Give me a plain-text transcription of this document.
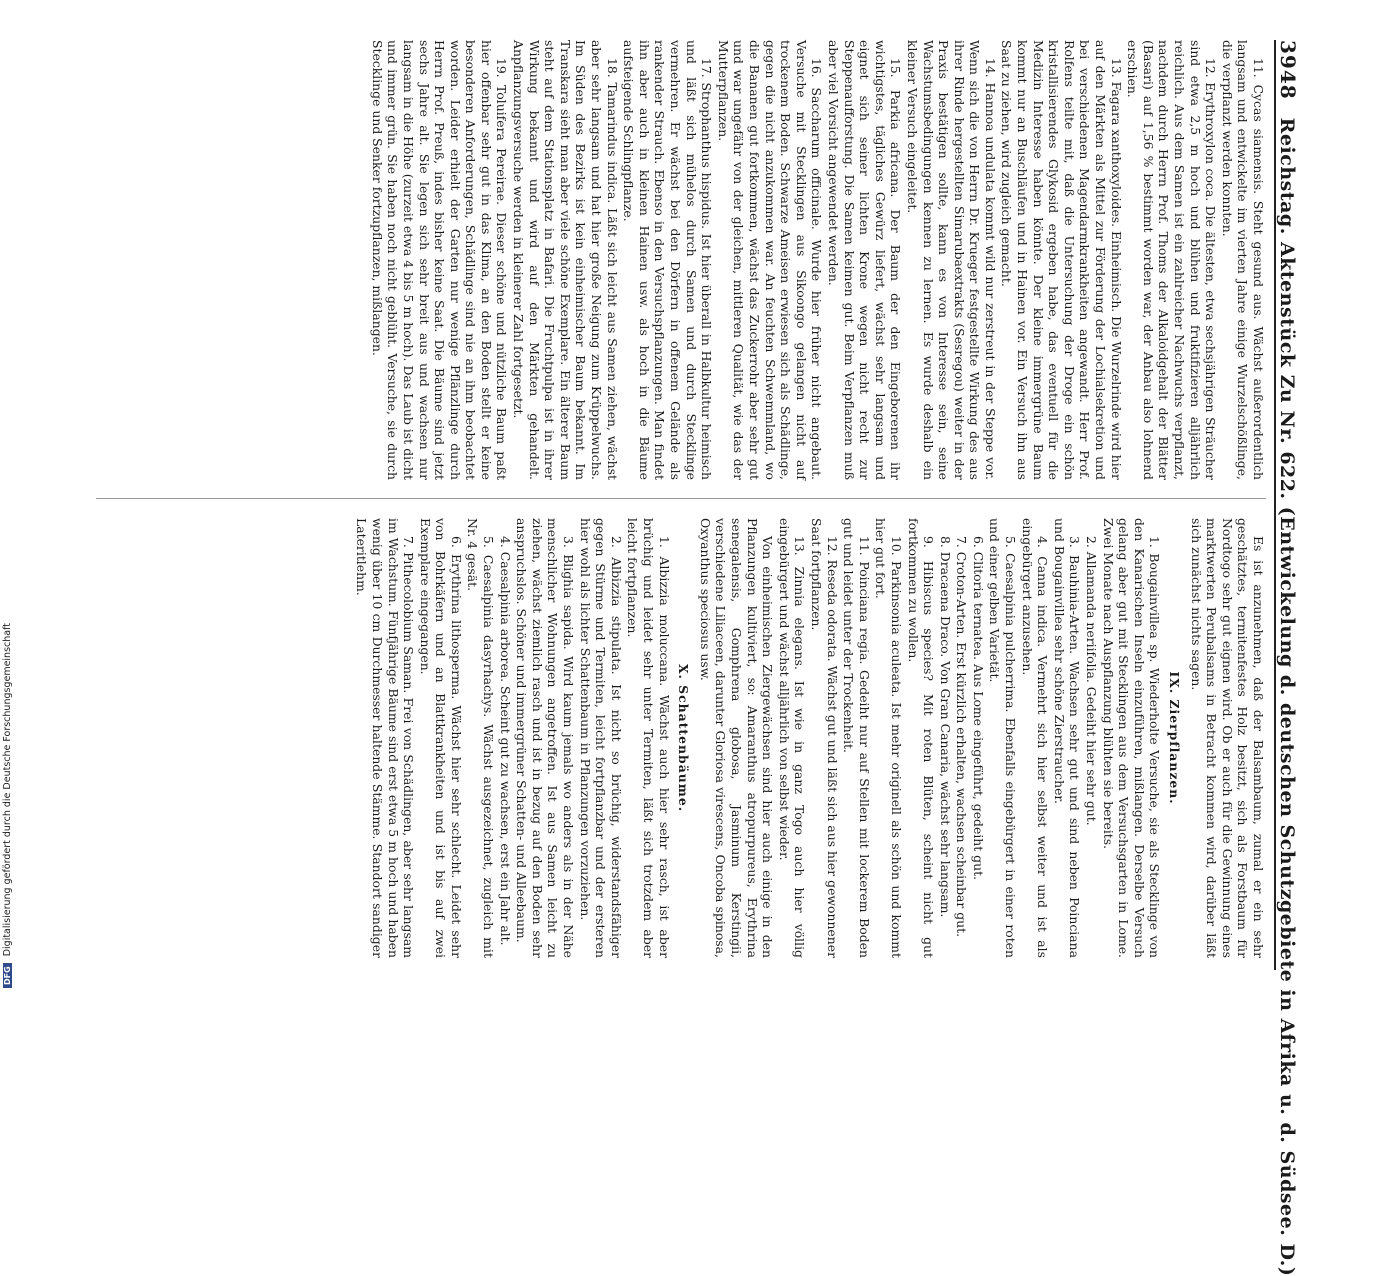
DFG Digitalisierung gefördert durch die Deutsche Forschungsgemeinschaft
3948
Reichstag. Aktenstück Zu Nr. 622. (Entwickelung d. deutschen Schutzgebiete in Afrika u. d. Südsee. D.)

11. Cycas siamensis. Steht gesund aus. Wächst außerordentlich langsam und entwickelte im vierten Jahre einige Wurzelschößlinge, die verpflanzt werden konnten.

12. Erythroxylon coca. Die ältesten, etwa sechsjährigen Sträucher sind etwa 2,5 m hoch und blühen und fruktifizieren alljährlich reichlich. Aus dem Samen ist ein zahlreicher Nachwuchs verpflanzt, nachdem durch Herrn Prof. Thoms der Alkaloidgehalt der Blätter (Basari) auf 1,56 % bestimmt worden war, der Anbau also lohnend erschien.

13. Fagara xanthoxyloides. Einheimisch. Die Wurzelrinde wird hier auf den Märkten als Mittel zur Förderung der Lochialsekretion und bei verschiedenen Magendarmkrankheiten angewandt. Herr Prof. Rolfens teilte mit, daß die Untersuchung der Droge ein schön kristallisierendes Glykosid ergeben habe, das eventuell für die Medizin Interesse haben könnte. Der kleine immergrüne Baum kommt nur an Buschläufen und in Hainen vor. Ein Versuch ihn aus Saat zu ziehen, wird zugleich gemacht.

14. Hannoa undulata kommt wild nur zerstreut in der Steppe vor. Wenn sich die von Herrn Dr. Krueger festgestellte Wirkung des aus ihrer Rinde hergestellten Simarubaextrakts (Sesregou) weiter in der Praxis bestätigen sollte, kann es von Interesse sein, seine Wachstumsbedingungen kennen zu lernen. Es wurde deshalb ein kleiner Versuch eingeleitet.

15. Parkia africana. Der Baum der den Eingeborenen ihr wichtigstes, tägliches Gewürz liefert, wächst sehr langsam und eignet sich seiner lichten Krone wegen nicht recht zur Steppenaufforstung. Die Samen keimen gut. Beim Verpflanzen muß aber viel Vorsicht angewendet werden.

16. Saccharum officinale. Wurde hier früher nicht angebaut. Versuche mit Stecklingen aus Sikoongo gelangen nicht auf trockenem Boden. Schwarze Ameisen erwiesen sich als Schädlinge, gegen die nicht anzukommen war. An feuchten Schwemmland, wo die Bananen gut fortkommen, wächst das Zuckerrohr aber sehr gut und war ungefähr von der gleichen, mittleren Qualität, wie das der Mutterpflanzen.

17. Strophanthus hispidus. Ist hier überall in Halbkultur heimisch und läßt sich mühelos durch Samen und durch Stecklinge vermehren. Er wächst bei den Dörfern in offenem Gelände als rankender Strauch. Ebenso in den Versuchspflanzungen. Man findet ihn aber auch in kleinen Hainen usw. als hoch in die Bäume aufsteigende Schlingpflanze.

18. Tamarindus indica. Läßt sich leicht aus Samen ziehen, wächst aber sehr langsam und hat hier große Neigung zum Krüppelwuchs. Im Süden des Bezirks ist kein einheimischer Baum bekannt. Im Transkara sieht man aber viele schöne Exemplare. Ein älterer Baum steht auf dem Stationsplatz in Bafari. Die Fruchtpulpa ist in ihrer Wirkung bekannt und wird auf den Märkten gehandelt. Anpflanzungsversuche werden in kleinerer Zahl fortgesetzt.

19. Toluifera Pereirae. Dieser schöne und nützliche Baum paßt hier offenbar sehr gut in das Klima, an den Boden stellt er keine besonderen Anforderungen, Schädlinge sind nie an ihm beobachtet worden. Leider erhielt der Garten nur wenige Pflänzlinge durch Herrn Prof. Preuß, indes bisher keine Saat. Die Bäume sind jetzt sechs Jahre alt. Sie legen sich sehr breit aus und wachsen nur langsam in die Höhe (zurzeit etwa 4 bis 5 m hoch). Das Laub ist dicht und immer grün. Sie haben noch nicht geblüht. Versuche, sie durch Stecklinge und Senker fortzupflanzen, mißlangen.

Es ist anzunehmen, daß der Balsambaum, zumal er ein sehr geschätztes, termitenfestes Holz besitzt, sich als Forstbaum für Nordtogo sehr gut eignen wird. Ob er auch für die Gewinnung eines marktwerten Perubalsams in Betracht kommen wird, darüber läßt sich zunächst nichts sagen.

IX. Zierpflanzen.

1. Bougainvillea sp. Wiederholte Versuche, sie als Stecklinge von den Kanarischen Inseln einzuführen, mißlangen. Derselbe Versuch gelang aber gut mit Stecklingen aus dem Versuchsgarten in Lome. Zwei Monate nach Auspflanzung blühten sie bereits.

2. Allamanda neriifolia. Gedeiht hier sehr gut.

3. Bauhinia-Arten. Wachsen sehr gut und sind neben Poinciana und Bougainvillea sehr schöne Zierstraucher.

4. Canna indica. Vermehrt sich hier selbst weiter und ist als eingebürgert anzusehen.

5. Caesalpinia pulcherrima. Ebenfalls eingebürgert in einer roten und einer gelben Varietät.

6. Clitoria ternatea. Aus Lome eingeführt, gedeiht gut.

7. Croton-Arten. Erst kürzlich erhalten, wachsen scheinbar gut.

8. Dracaena Draco. Von Gran Canaria, wächst sehr langsam.

9. Hibiscus species? Mit roten Blüten, scheint nicht gut fortkommen zu wollen.

10. Parkinsonia aculeata. Ist mehr originell als schön und kommt hier gut fort.

11. Poinciana regia. Gedeiht nur auf Stellen mit lockerem Boden gut und leidet unter der Trockenheit.

12. Reseda odorata. Wächst gut und läßt sich aus hier gewonnener Saat fortpflanzen.

13. Zinnia elegans. Ist wie in ganz Togo auch hier völlig eingebürgert und wächst alljährlich von selbst wieder.

Von einheimischen Ziergewächsen sind hier auch einige in den Pflanzungen kultiviert, so: Amaranthus atropurpureus, Erythrina senegalensis, Gomphrena globosa, Jasminum Kerstingii, verschiedene Liliaceen, darunter Gloriosa virescens, Oncoba spinosa, Oxyanthus speciosus usw.

X. Schattenbäume.

1. Albizzia moluccana. Wächst auch hier sehr rasch, ist aber brüchig und leidet sehr unter Termiten, läßt sich trotzdem aber leicht fortpflanzen.

2. Albizzia stipulata. Ist nicht so brüchig, widerstandsfähiger gegen Stürme und Termiten, leicht fortpflanzbar und der ersteren hier wohl als lichter Schattenbaum in Pflanzungen vorzuziehen.

3. Blighia sapida. Wird kaum jemals wo anders als in der Nähe menschlicher Wohnungen angetroffen. Ist aus Samen leicht zu ziehen, wächst ziemlich rasch und ist in bezug auf den Boden sehr anspruchslos. Schöner und immergrüner Schatten- und Alleebaum.

4. Caesalpinia arborea. Scheint gut zu wachsen, erst ein Jahr alt.

5. Caesalpinia dasyrhachys. Wächst ausgezeichnet, zugleich mit Nr. 4 gesät.

6. Erythrina lithosperma. Wächst hier sehr schlecht. Leidet sehr von Bohrkäfern und an Blattkrankheiten und ist bis auf zwei Exemplare eingegangen.

7. Pithecolobium Saman. Frei von Schädlingen, aber sehr langsam im Wachstum. Fünfjährige Bäume sind erst etwa 5 m hoch und haben wenig über 10 cm Durchmesser haltende Stämme. Standort sandiger Lateritlehm.
